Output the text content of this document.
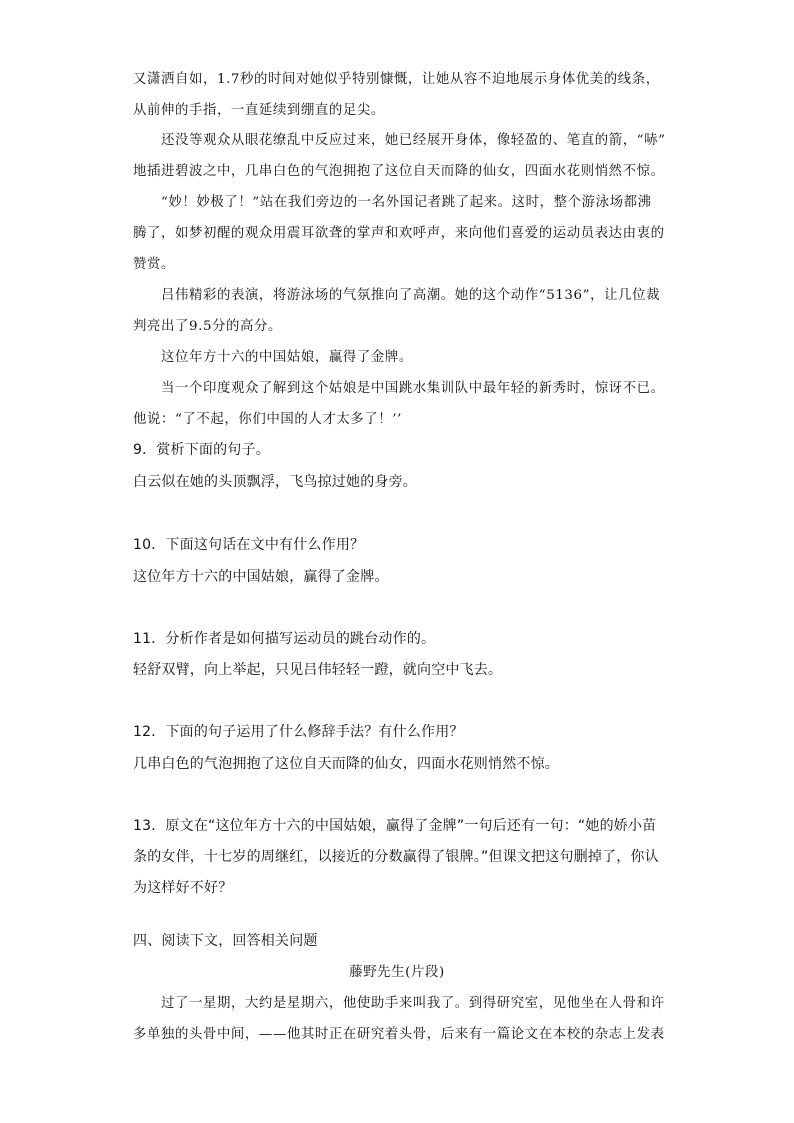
又潇洒自如，1.7秒的时间对她似乎特别慷慨，让她从容不迫地展示身体优美的线条，
从前伸的手指，一直延续到绷直的足尖。
还没等观众从眼花缭乱中反应过来，她已经展开身体，像轻盈的、笔直的箭，“哧”
地插进碧波之中，几串白色的气泡拥抱了这位自天而降的仙女，四面水花则悄然不惊。
“妙！妙极了！”站在我们旁边的一名外国记者跳了起来。这时，整个游泳场都沸
腾了，如梦初醒的观众用震耳欲聋的掌声和欢呼声，来向他们喜爱的运动员表达由衷的
赞赏。
吕伟精彩的表演，将游泳场的气氛推向了高潮。她的这个动作“5136”，让几位裁
判亮出了9.5分的高分。
这位年方十六的中国姑娘，赢得了金牌。
当一个印度观众了解到这个姑娘是中国跳水集训队中最年轻的新秀时，惊讶不已。
他说：“了不起，你们中国的人才太多了！’’
9．赏析下面的句子。
白云似在她的头顶飘浮，飞鸟掠过她的身旁。
10．下面这句话在文中有什么作用？
这位年方十六的中国姑娘，赢得了金牌。
11．分析作者是如何描写运动员的跳台动作的。
轻舒双臂，向上举起，只见吕伟轻轻一蹬，就向空中飞去。
12．下面的句子运用了什么修辞手法？有什么作用？
几串白色的气泡拥抱了这位自天而降的仙女，四面水花则悄然不惊。
13．原文在“这位年方十六的中国姑娘，赢得了金牌”一句后还有一句：“她的娇小苗
条的女伴，十七岁的周继红，以接近的分数赢得了银牌。”但课文把这句删掉了，你认
为这样好不好？
四、阅读下文，回答相关问题
藤野先生(片段)
过了一星期，大约是星期六，他使助手来叫我了。到得研究室，见他坐在人骨和许
多单独的头骨中间，——他其时正在研究着头骨，后来有一篇论文在本校的杂志上发表
